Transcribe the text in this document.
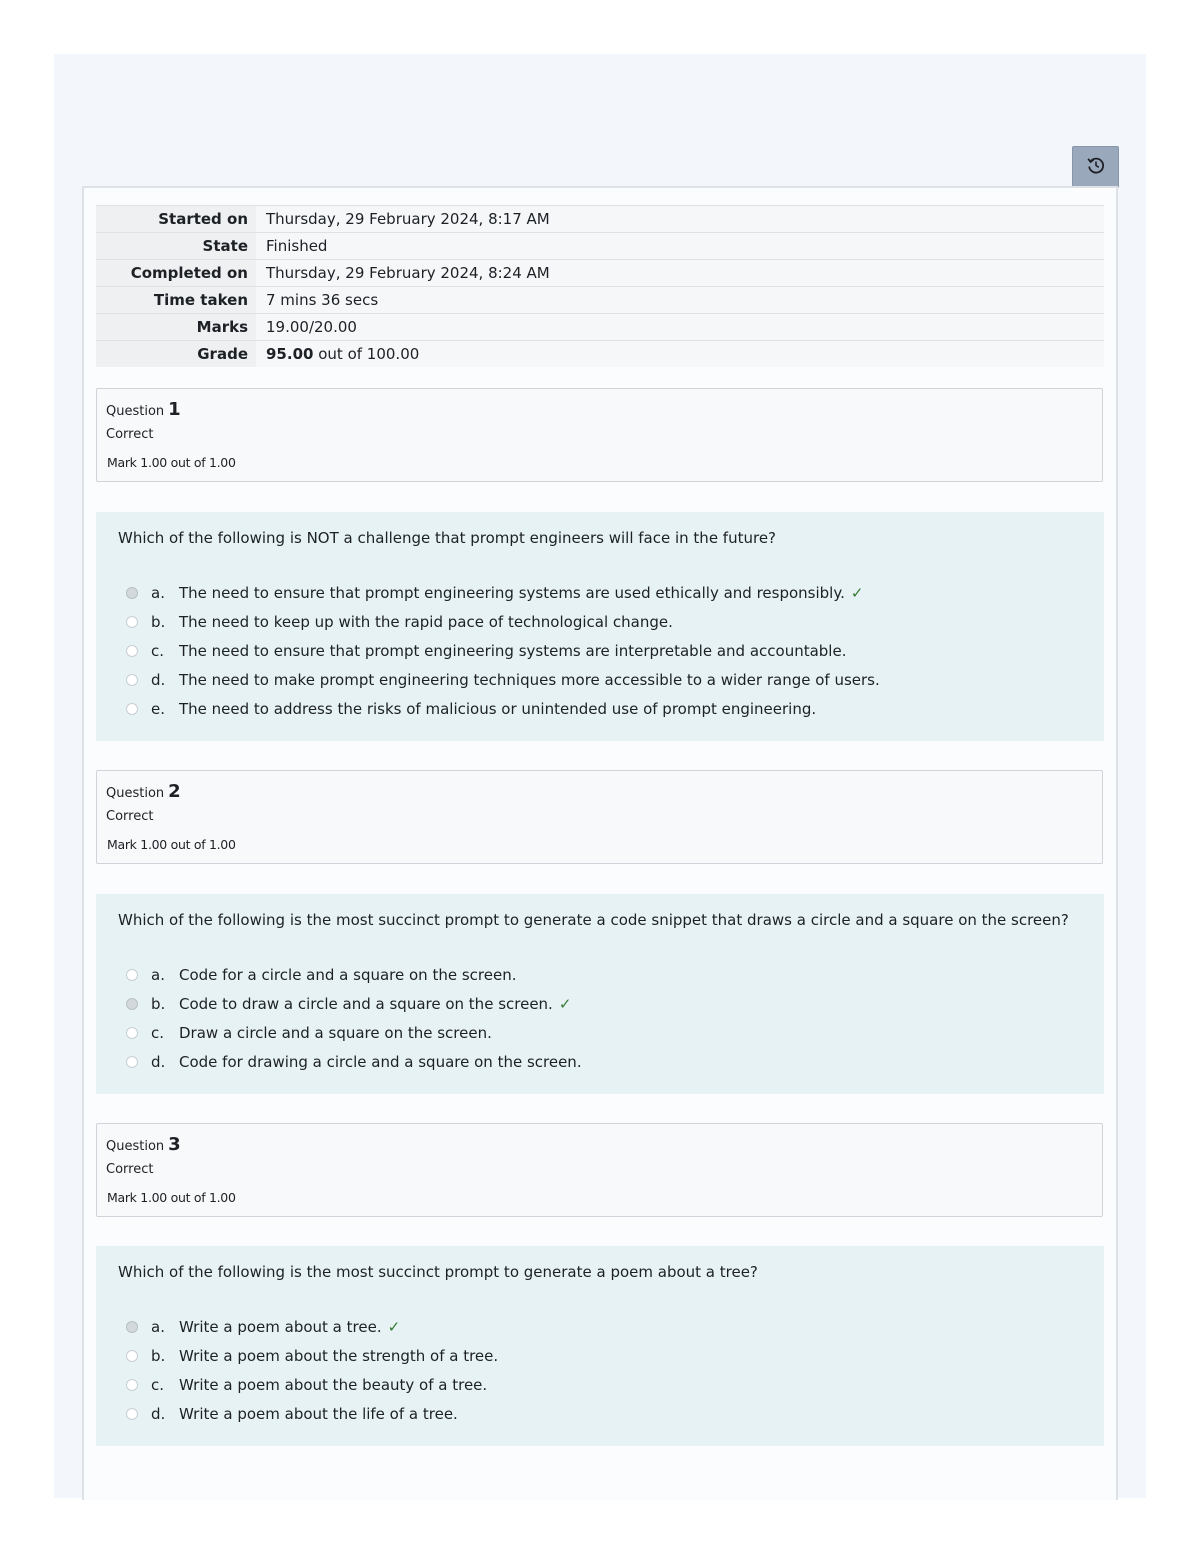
Started on	Thursday, 29 February 2024, 8:17 AM
State	Finished
Completed on	Thursday, 29 February 2024, 8:24 AM
Time taken	7 mins 36 secs
Marks	19.00/20.00
Grade	95.00 out of 100.00
Question 1
Correct
Mark 1.00 out of 1.00
Which of the following is NOT a challenge that prompt engineers will face in the future?
a. The need to ensure that prompt engineering systems are used ethically and responsibly. ✓
b. The need to keep up with the rapid pace of technological change.
c. The need to ensure that prompt engineering systems are interpretable and accountable.
d. The need to make prompt engineering techniques more accessible to a wider range of users.
e. The need to address the risks of malicious or unintended use of prompt engineering.
Question 2
Correct
Mark 1.00 out of 1.00
Which of the following is the most succinct prompt to generate a code snippet that draws a circle and a square on the screen?
a. Code for a circle and a square on the screen.
b. Code to draw a circle and a square on the screen. ✓
c. Draw a circle and a square on the screen.
d. Code for drawing a circle and a square on the screen.
Question 3
Correct
Mark 1.00 out of 1.00
Which of the following is the most succinct prompt to generate a poem about a tree?
a. Write a poem about a tree. ✓
b. Write a poem about the strength of a tree.
c. Write a poem about the beauty of a tree.
d. Write a poem about the life of a tree.
